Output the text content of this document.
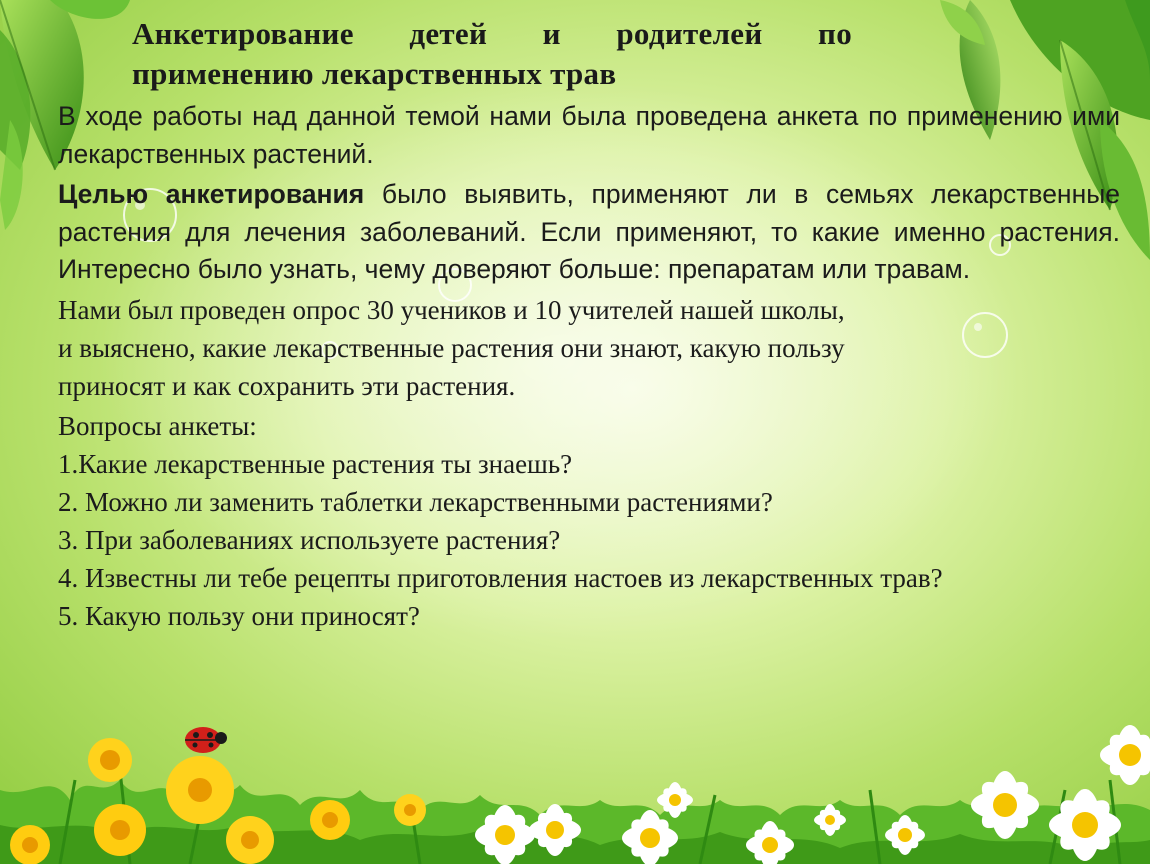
Анкетирование детей и родителей по
применению лекарственных трав

В ходе работы над данной темой нами была проведена анкета по применению ими лекарственных растений.

Целью анкетирования было выявить, применяют ли в семьях лекарственные растения для лечения заболеваний. Если применяют, то какие именно растения. Интересно было узнать, чему доверяют больше: препаратам или травам.

Нами был проведен опрос 30 учеников и 10 учителей нашей школы,
и выяснено, какие лекарственные растения они знают, какую пользу
приносят и как сохранить эти растения.

Вопросы анкеты:

1.Какие лекарственные растения ты знаешь?
2. Можно ли заменить таблетки лекарственными растениями?
3. При заболеваниях используете растения?
4. Известны ли тебе рецепты приготовления настоев из лекарственных трав?
5. Какую пользу они приносят?
